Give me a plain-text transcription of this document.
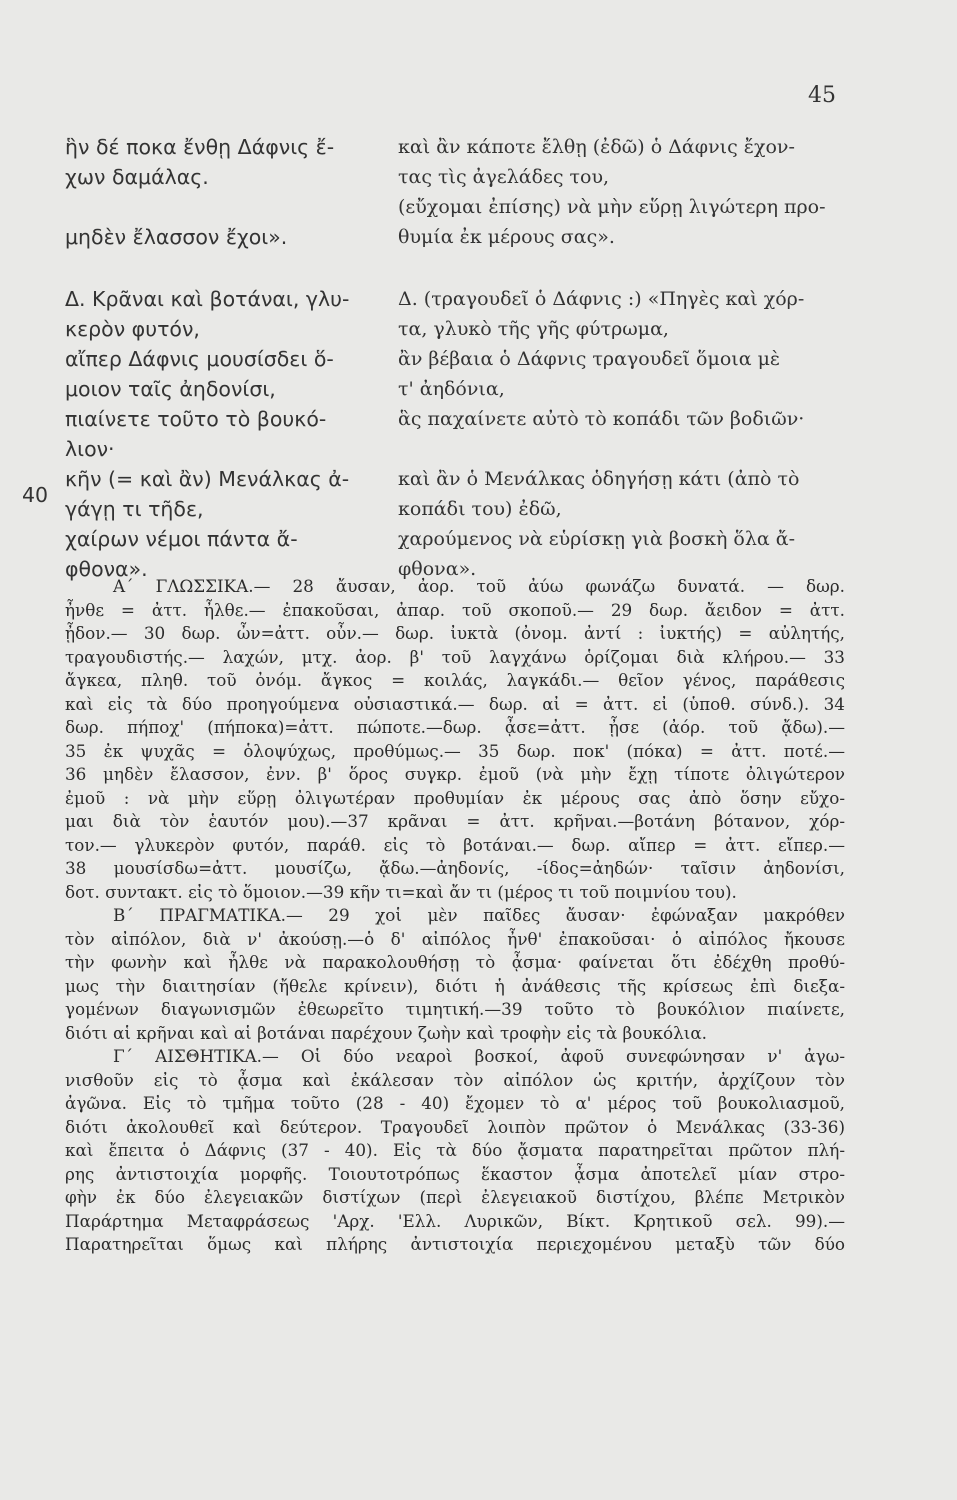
45
40
ἣν δέ ποκα ἔνθῃ Δάφνις ἔ-
χων δαμάλας.
μηδὲν ἔλασσον ἔχοι».
Δ. Κρᾶναι καὶ βοτάναι, γλυ-
κερὸν φυτόν,
αἴπερ Δάφνις μουσίσδει ὅ-
μοιον ταῖς ἀηδονίσι,
πιαίνετε τοῦτο τὸ βουκό-
λιον·
κῆν (= καὶ ἂν) Μενάλκας ἀ-
γάγῃ τι τῆδε,
χαίρων νέμοι πάντα ἄ-
φθονα».
καὶ ἂν κάποτε ἔλθῃ (ἐδῶ) ὁ Δάφνις ἔχον-
τας τὶς ἀγελάδες του,
(εὔχομαι ἐπίσης) νὰ μὴν εὕρῃ λιγώτερη προ-
θυμία ἐκ μέρους σας».
Δ. (τραγουδεῖ ὁ Δάφνις :) «Πηγὲς καὶ χόρ-
τα, γλυκὸ τῆς γῆς φύτρωμα,
ἂν βέβαια ὁ Δάφνις τραγουδεῖ ὅμοια μὲ
τ' ἀηδόνια,
ἃς παχαίνετε αὐτὸ τὸ κοπάδι τῶν βοδιῶν·
καὶ ἂν ὁ Μενάλκας ὁδηγήσῃ κάτι (ἀπὸ τὸ
κοπάδι του) ἐδῶ,
χαρούμενος νὰ εὑρίσκῃ γιὰ βοσκὴ ὅλα ἄ-
φθονα».
Α΄ ΓΛΩΣΣΙΚΑ.— 28 ἄυσαν, ἀορ. τοῦ ἀύω φωνάζω δυνατά. — δωρ.
ἦνθε = ἀττ. ἦλθε.— ἐπακοῦσαι, ἀπαρ. τοῦ σκοποῦ.— 29 δωρ. ἄειδον = ἀττ.
ᾖδον.— 30 δωρ. ὦν=ἀττ. οὖν.— δωρ. ἰυκτὰ (ὀνομ. ἀντί : ἰυκτής) = αὐλητής,
τραγουδιστής.— λαχών, μτχ. ἀορ. β' τοῦ λαγχάνω ὁρίζομαι διὰ κλήρου.— 33
ἄγκεα, πληθ. τοῦ ὀνόμ. ἄγκος = κοιλάς, λαγκάδι.— θεῖον γένος, παράθεσις
καὶ εἰς τὰ δύο προηγούμενα οὐσιαστικά.— δωρ. αἰ = ἀττ. εἰ (ὑποθ. σύνδ.). 34
δωρ. πήποχ' (πήποκα)=ἀττ. πώποτε.—δωρ. ᾆσε=ἀττ. ᾖσε (ἀόρ. τοῦ ᾄδω).—
35 ἐκ ψυχᾶς = ὁλοψύχως, προθύμως.— 35 δωρ. ποκ' (πόκα) = ἀττ. ποτέ.—
36 μηδὲν ἔλασσον, ἐνν. β' ὅρος συγκρ. ἐμοῦ (νὰ μὴν ἔχῃ τίποτε ὀλιγώτερον
ἐμοῦ : νὰ μὴν εὕρῃ ὀλιγωτέραν προθυμίαν ἐκ μέρους σας ἀπὸ ὅσην εὔχο-
μαι διὰ τὸν ἑαυτόν μου).—37 κρᾶναι = ἀττ. κρῆναι.—βοτάνη βότανον, χόρ-
τον.— γλυκερὸν φυτόν, παράθ. εἰς τὸ βοτάναι.— δωρ. αἴπερ = ἀττ. εἴπερ.—
38 μουσίσδω=ἀττ. μουσίζω, ᾄδω.—ἀηδονίς, -ίδος=ἀηδών· ταῖσιν ἀηδονίσι,
δοτ. συντακτ. εἰς τὸ ὅμοιον.—39 κῆν τι=καὶ ἄν τι (μέρος τι τοῦ ποιμνίου του).
Β΄ ΠΡΑΓΜΑΤΙΚΑ.— 29 χοἱ μὲν παῖδες ἄυσαν· ἐφώναξαν μακρόθεν
τὸν αἰπόλον, διὰ ν' ἀκούσῃ.—ὁ δ' αἰπόλος ἦνθ' ἐπακοῦσαι· ὁ αἰπόλος ἤκουσε
τὴν φωνὴν καὶ ἦλθε νὰ παρακολουθήσῃ τὸ ᾆσμα· φαίνεται ὅτι ἐδέχθη προθύ-
μως τὴν διαιτησίαν (ἤθελε κρίνειν), διότι ἡ ἀνάθεσις τῆς κρίσεως ἐπὶ διεξα-
γομένων διαγωνισμῶν ἐθεωρεῖτο τιμητική.—39 τοῦτο τὸ βουκόλιον πιαίνετε,
διότι αἱ κρῆναι καὶ αἱ βοτάναι παρέχουν ζωὴν καὶ τροφὴν εἰς τὰ βουκόλια.
Γ΄ ΑΙΣΘΗΤΙΚΑ.— Οἱ δύο νεαροὶ βοσκοί, ἀφοῦ συνεφώνησαν ν' ἀγω-
νισθοῦν εἰς τὸ ᾆσμα καὶ ἐκάλεσαν τὸν αἰπόλον ὡς κριτήν, ἀρχίζουν τὸν
ἀγῶνα. Εἰς τὸ τμῆμα τοῦτο (28 - 40) ἔχομεν τὸ α' μέρος τοῦ βουκολιασμοῦ,
διότι ἀκολουθεῖ καὶ δεύτερον. Τραγουδεῖ λοιπὸν πρῶτον ὁ Μενάλκας (33-36)
καὶ ἔπειτα ὁ Δάφνις (37 - 40). Εἰς τὰ δύο ᾄσματα παρατηρεῖται πρῶτον πλή-
ρης ἀντιστοιχία μορφῆς. Τοιουτοτρόπως ἕκαστον ᾆσμα ἀποτελεῖ μίαν στρο-
φὴν ἐκ δύο ἐλεγειακῶν διστίχων (περὶ ἐλεγειακοῦ διστίχου, βλέπε Μετρικὸν
Παράρτημα Μεταφράσεως 'Αρχ. 'Ελλ. Λυρικῶν, Βίκτ. Κρητικοῦ σελ. 99).—
Παρατηρεῖται ὅμως καὶ πλήρης ἀντιστοιχία περιεχομένου μεταξὺ τῶν δύο
